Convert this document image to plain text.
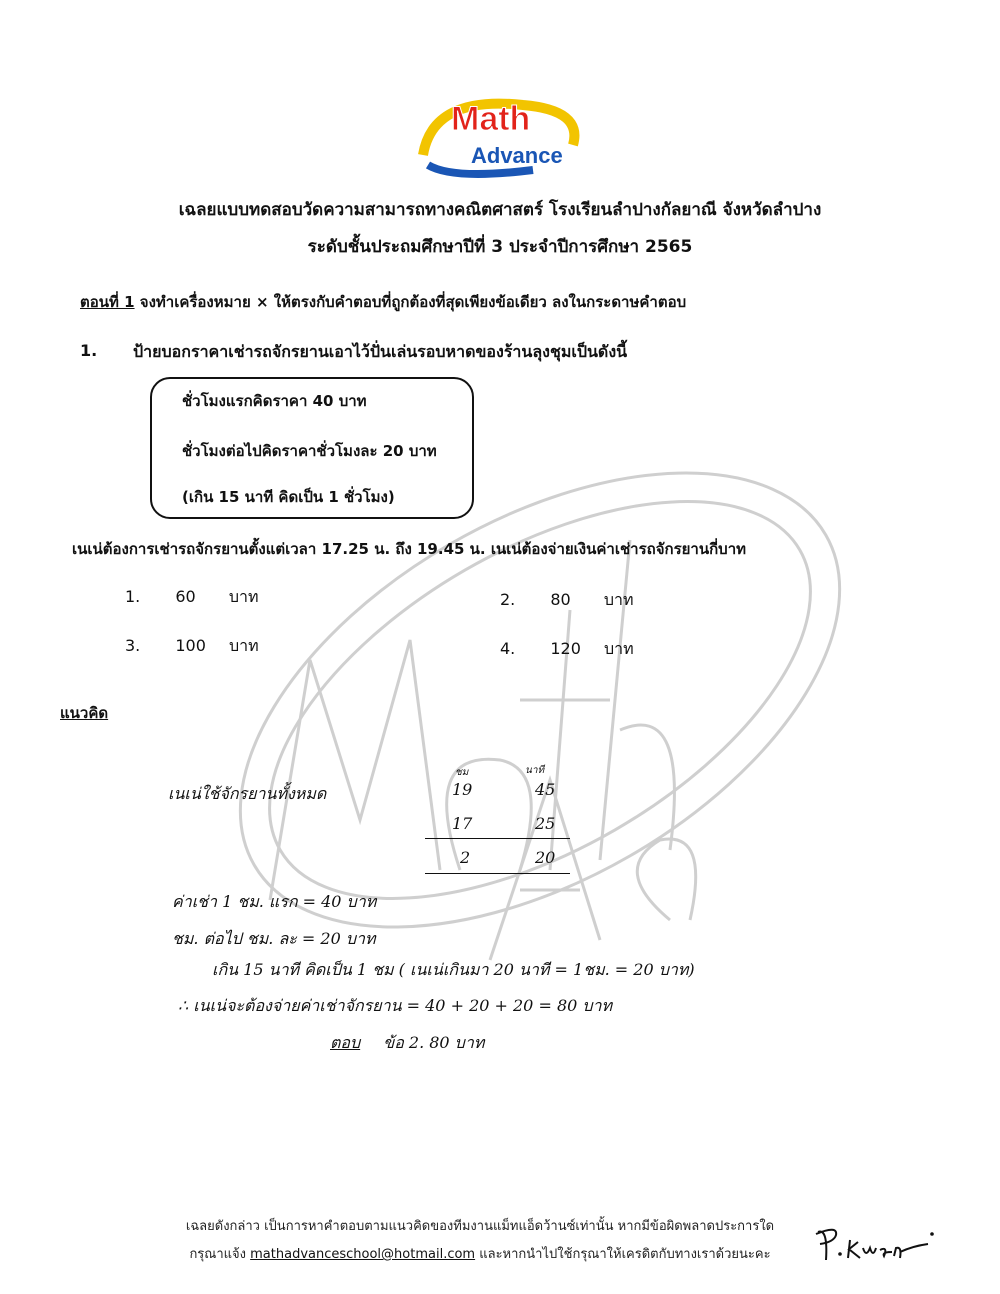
Math
Advance
เฉลยแบบทดสอบวัดความสามารถทางคณิตศาสตร์ โรงเรียนลำปางกัลยาณี จังหวัดลำปาง
ระดับชั้นประถมศึกษาปีที่ 3 ประจำปีการศึกษา 2565
ตอนที่ 1 จงทำเครื่องหมาย × ให้ตรงกับคำตอบที่ถูกต้องที่สุดเพียงข้อเดียว ลงในกระดาษคำตอบ
1. ป้ายบอกราคาเช่ารถจักรยานเอาไว้ปั่นเล่นรอบหาดของร้านลุงชุมเป็นดังนี้
ชั่วโมงแรกคิดราคา 40 บาท
ชั่วโมงต่อไปคิดราคาชั่วโมงละ 20 บาท
(เกิน 15 นาที คิดเป็น 1 ชั่วโมง)
เนเน่ต้องการเช่ารถจักรยานตั้งแต่เวลา 17.25 น. ถึง 19.45 น. เนเน่ต้องจ่ายเงินค่าเช่ารถจักรยานกี่บาท
1. 60 บาท	2. 80 บาท
3. 100 บาท	4. 120 บาท
แนวคิด
เนเน่ใช้จักรยานทั้งหมด
ชม	นาที
19	45
17	25
2	20
ค่าเช่า 1 ชม. แรก = 40 บาท
ชม. ต่อไป ชม. ละ = 20 บาท
เกิน 15 นาที คิดเป็น 1 ชม ( เนเน่เกินมา 20 นาที = 1ชม. = 20 บาท)
∴ เนเน่จะต้องจ่ายค่าเช่าจักรยาน = 40 + 20 + 20 = 80 บาท
ตอบ ข้อ 2. 80 บาท
เฉลยดังกล่าว เป็นการหาคำตอบตามแนวคิดของทีมงานแม็ทแอ็ดว้านซ์เท่านั้น หากมีข้อผิดพลาดประการใด
กรุณาแจ้ง mathadvanceschool@hotmail.com และหากนำไปใช้กรุณาให้เครดิตกับทางเราด้วยนะคะ
